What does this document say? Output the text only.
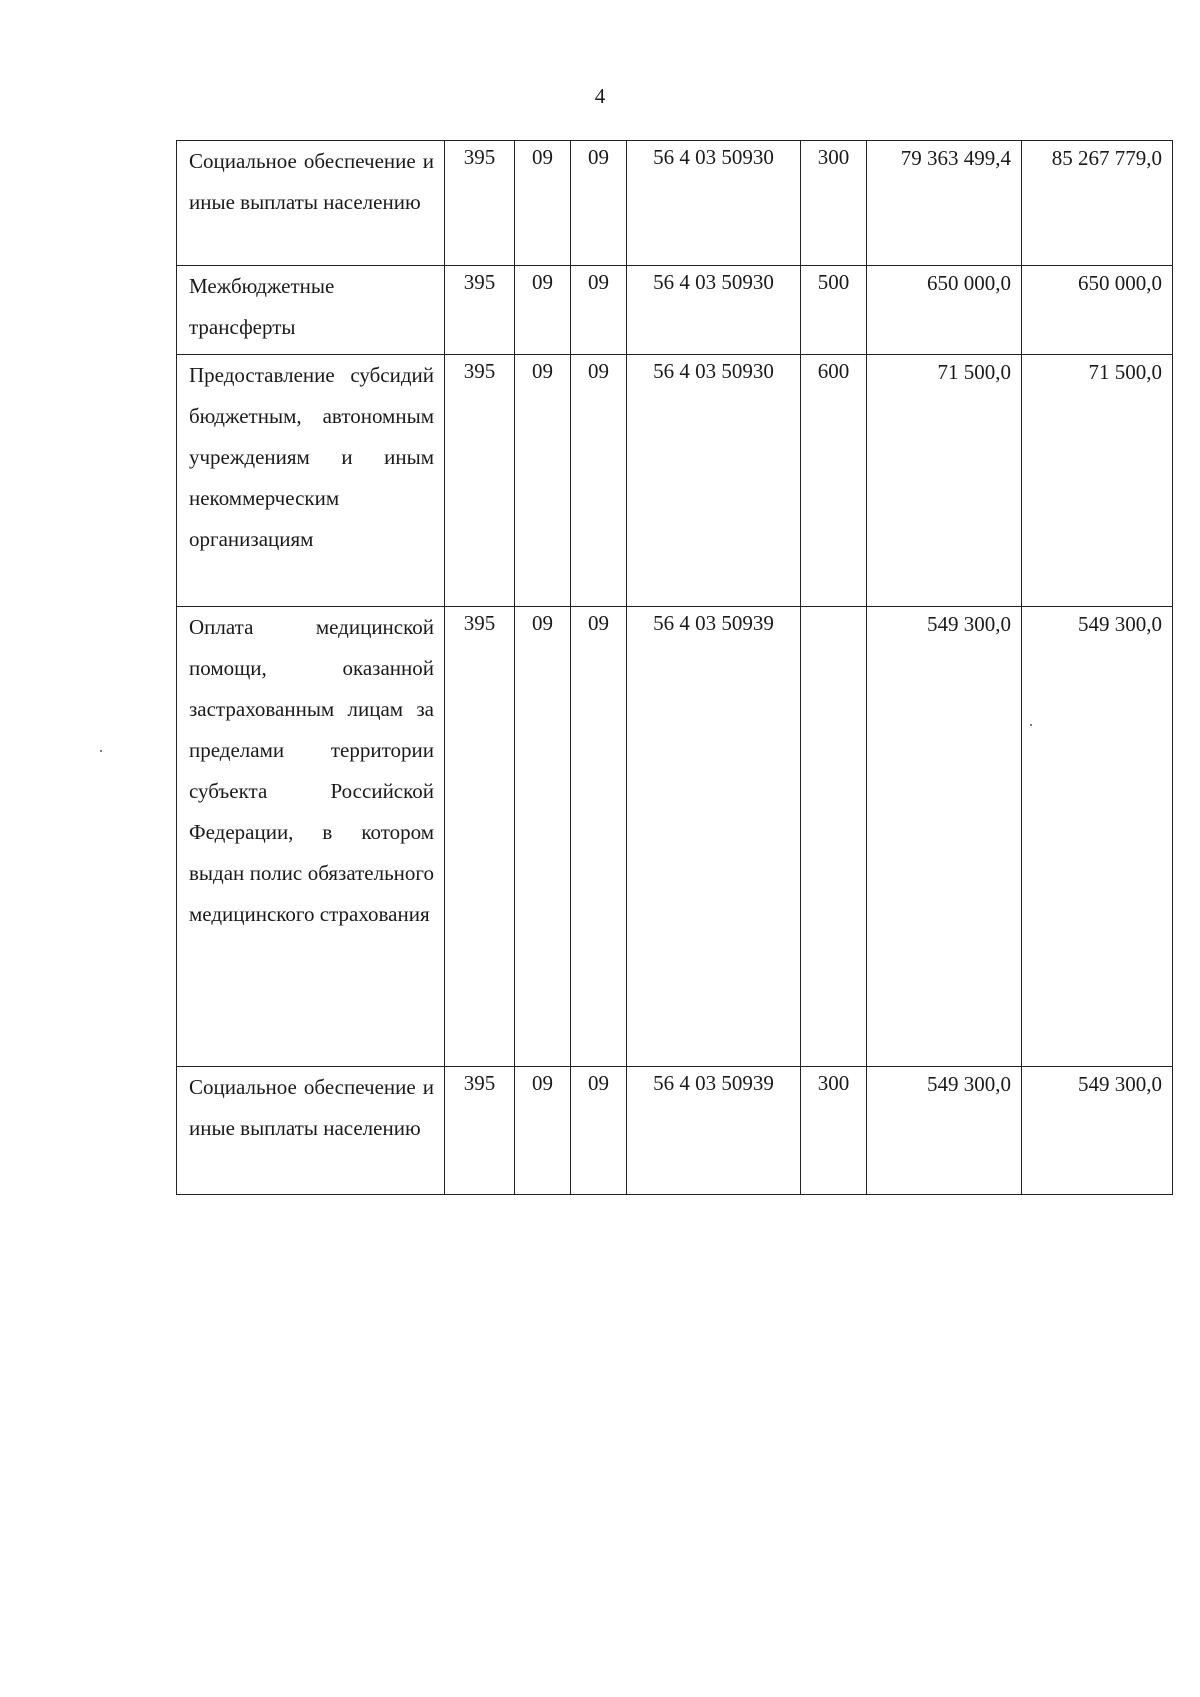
4
Социальное обеспечение и иные выплаты населению	395	09	09	56 4 03 50930	300	79 363 499,4	85 267 779,0
Межбюджетные трансферты	395	09	09	56 4 03 50930	500	650 000,0	650 000,0
Предоставление субсидий бюджетным, автономным учреждениям и иным некоммерческим организациям	395	09	09	56 4 03 50930	600	71 500,0	71 500,0
Оплата медицинской помощи, оказанной застрахованным лицам за пределами территории субъекта Российской Федерации, в котором выдан полис обязательного медицинского страхования	395	09	09	56 4 03 50939		549 300,0	549 300,0
Социальное обеспечение и иные выплаты населению	395	09	09	56 4 03 50939	300	549 300,0	549 300,0
